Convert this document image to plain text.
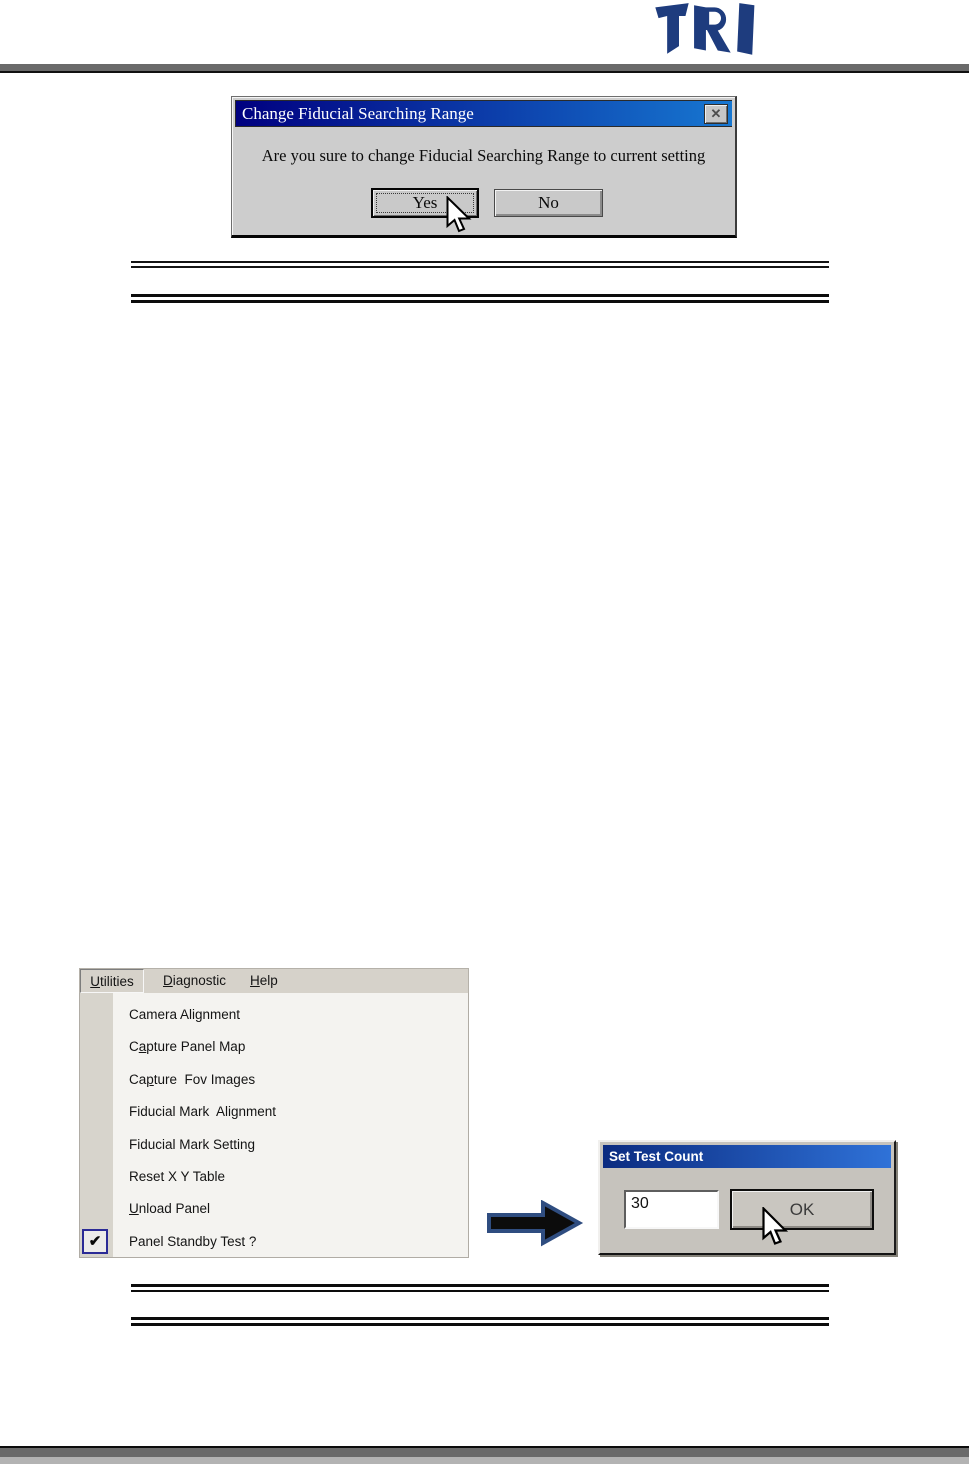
Change Fiducial Searching Range	✕
Are you sure to change Fiducial Searching Range to current setting
Yes	No
Utilities	Diagnostic	Help
Camera Alignment
Capture Panel Map
Capture  Fov Images
Fiducial Mark  Alignment
Fiducial Mark Setting
Reset X Y Table
Unload Panel
Panel Standby Test ?
✔
Set Test Count
30
OK
